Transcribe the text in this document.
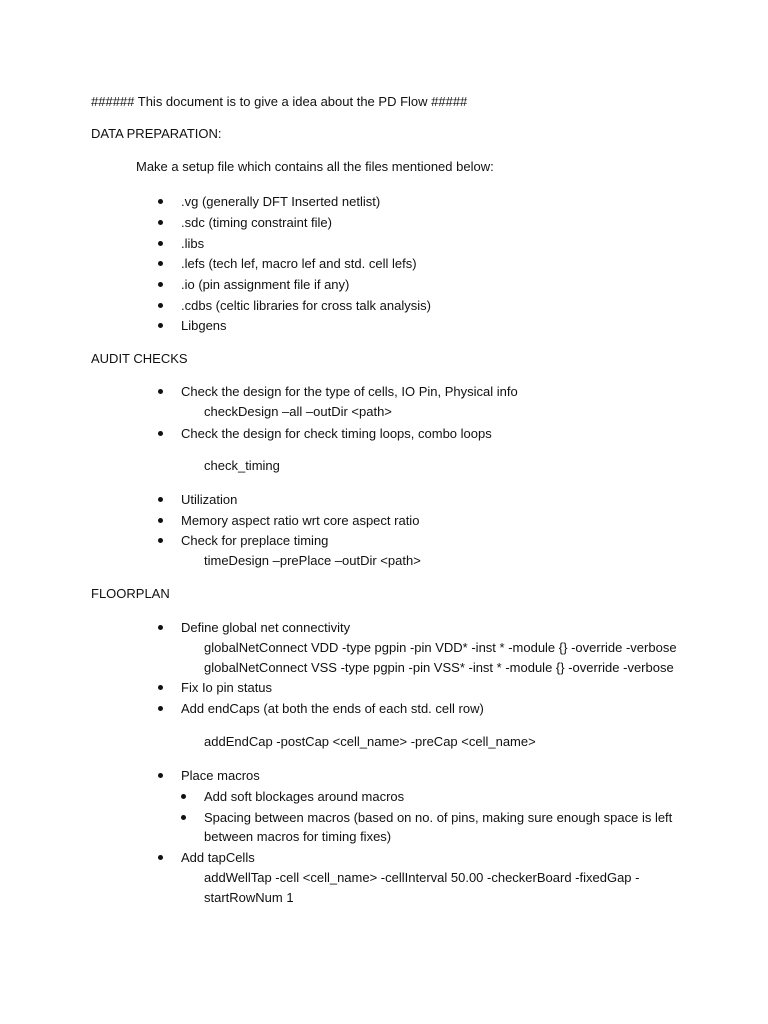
###### This document is to give a idea about the PD Flow #####
DATA PREPARATION:
Make a setup file which contains all the files mentioned below:
.vg (generally DFT Inserted netlist)
.sdc (timing constraint file)
.libs
.lefs (tech lef, macro lef and std. cell lefs)
.io (pin assignment file if any)
.cdbs (celtic libraries for cross talk analysis)
Libgens
AUDIT CHECKS
Check the design for the type of cells, IO Pin, Physical info
checkDesign –all –outDir <path>
Check the design for check timing loops, combo loops
check_timing
Utilization
Memory aspect ratio wrt core aspect ratio
Check for preplace timing
timeDesign –prePlace –outDir <path>
FLOORPLAN
Define global net connectivity
globalNetConnect VDD -type pgpin -pin VDD* -inst * -module {} -override -verbose
globalNetConnect VSS -type pgpin -pin VSS* -inst * -module {} -override -verbose
Fix Io pin status
Add endCaps (at both the ends of each std. cell row)
addEndCap -postCap <cell_name> -preCap <cell_name>
Place macros
Add soft blockages around macros
Spacing between macros (based on no. of pins, making sure enough space is left
between macros for timing fixes)
Add tapCells
addWellTap -cell <cell_name> -cellInterval 50.00 -checkerBoard -fixedGap -
startRowNum 1
